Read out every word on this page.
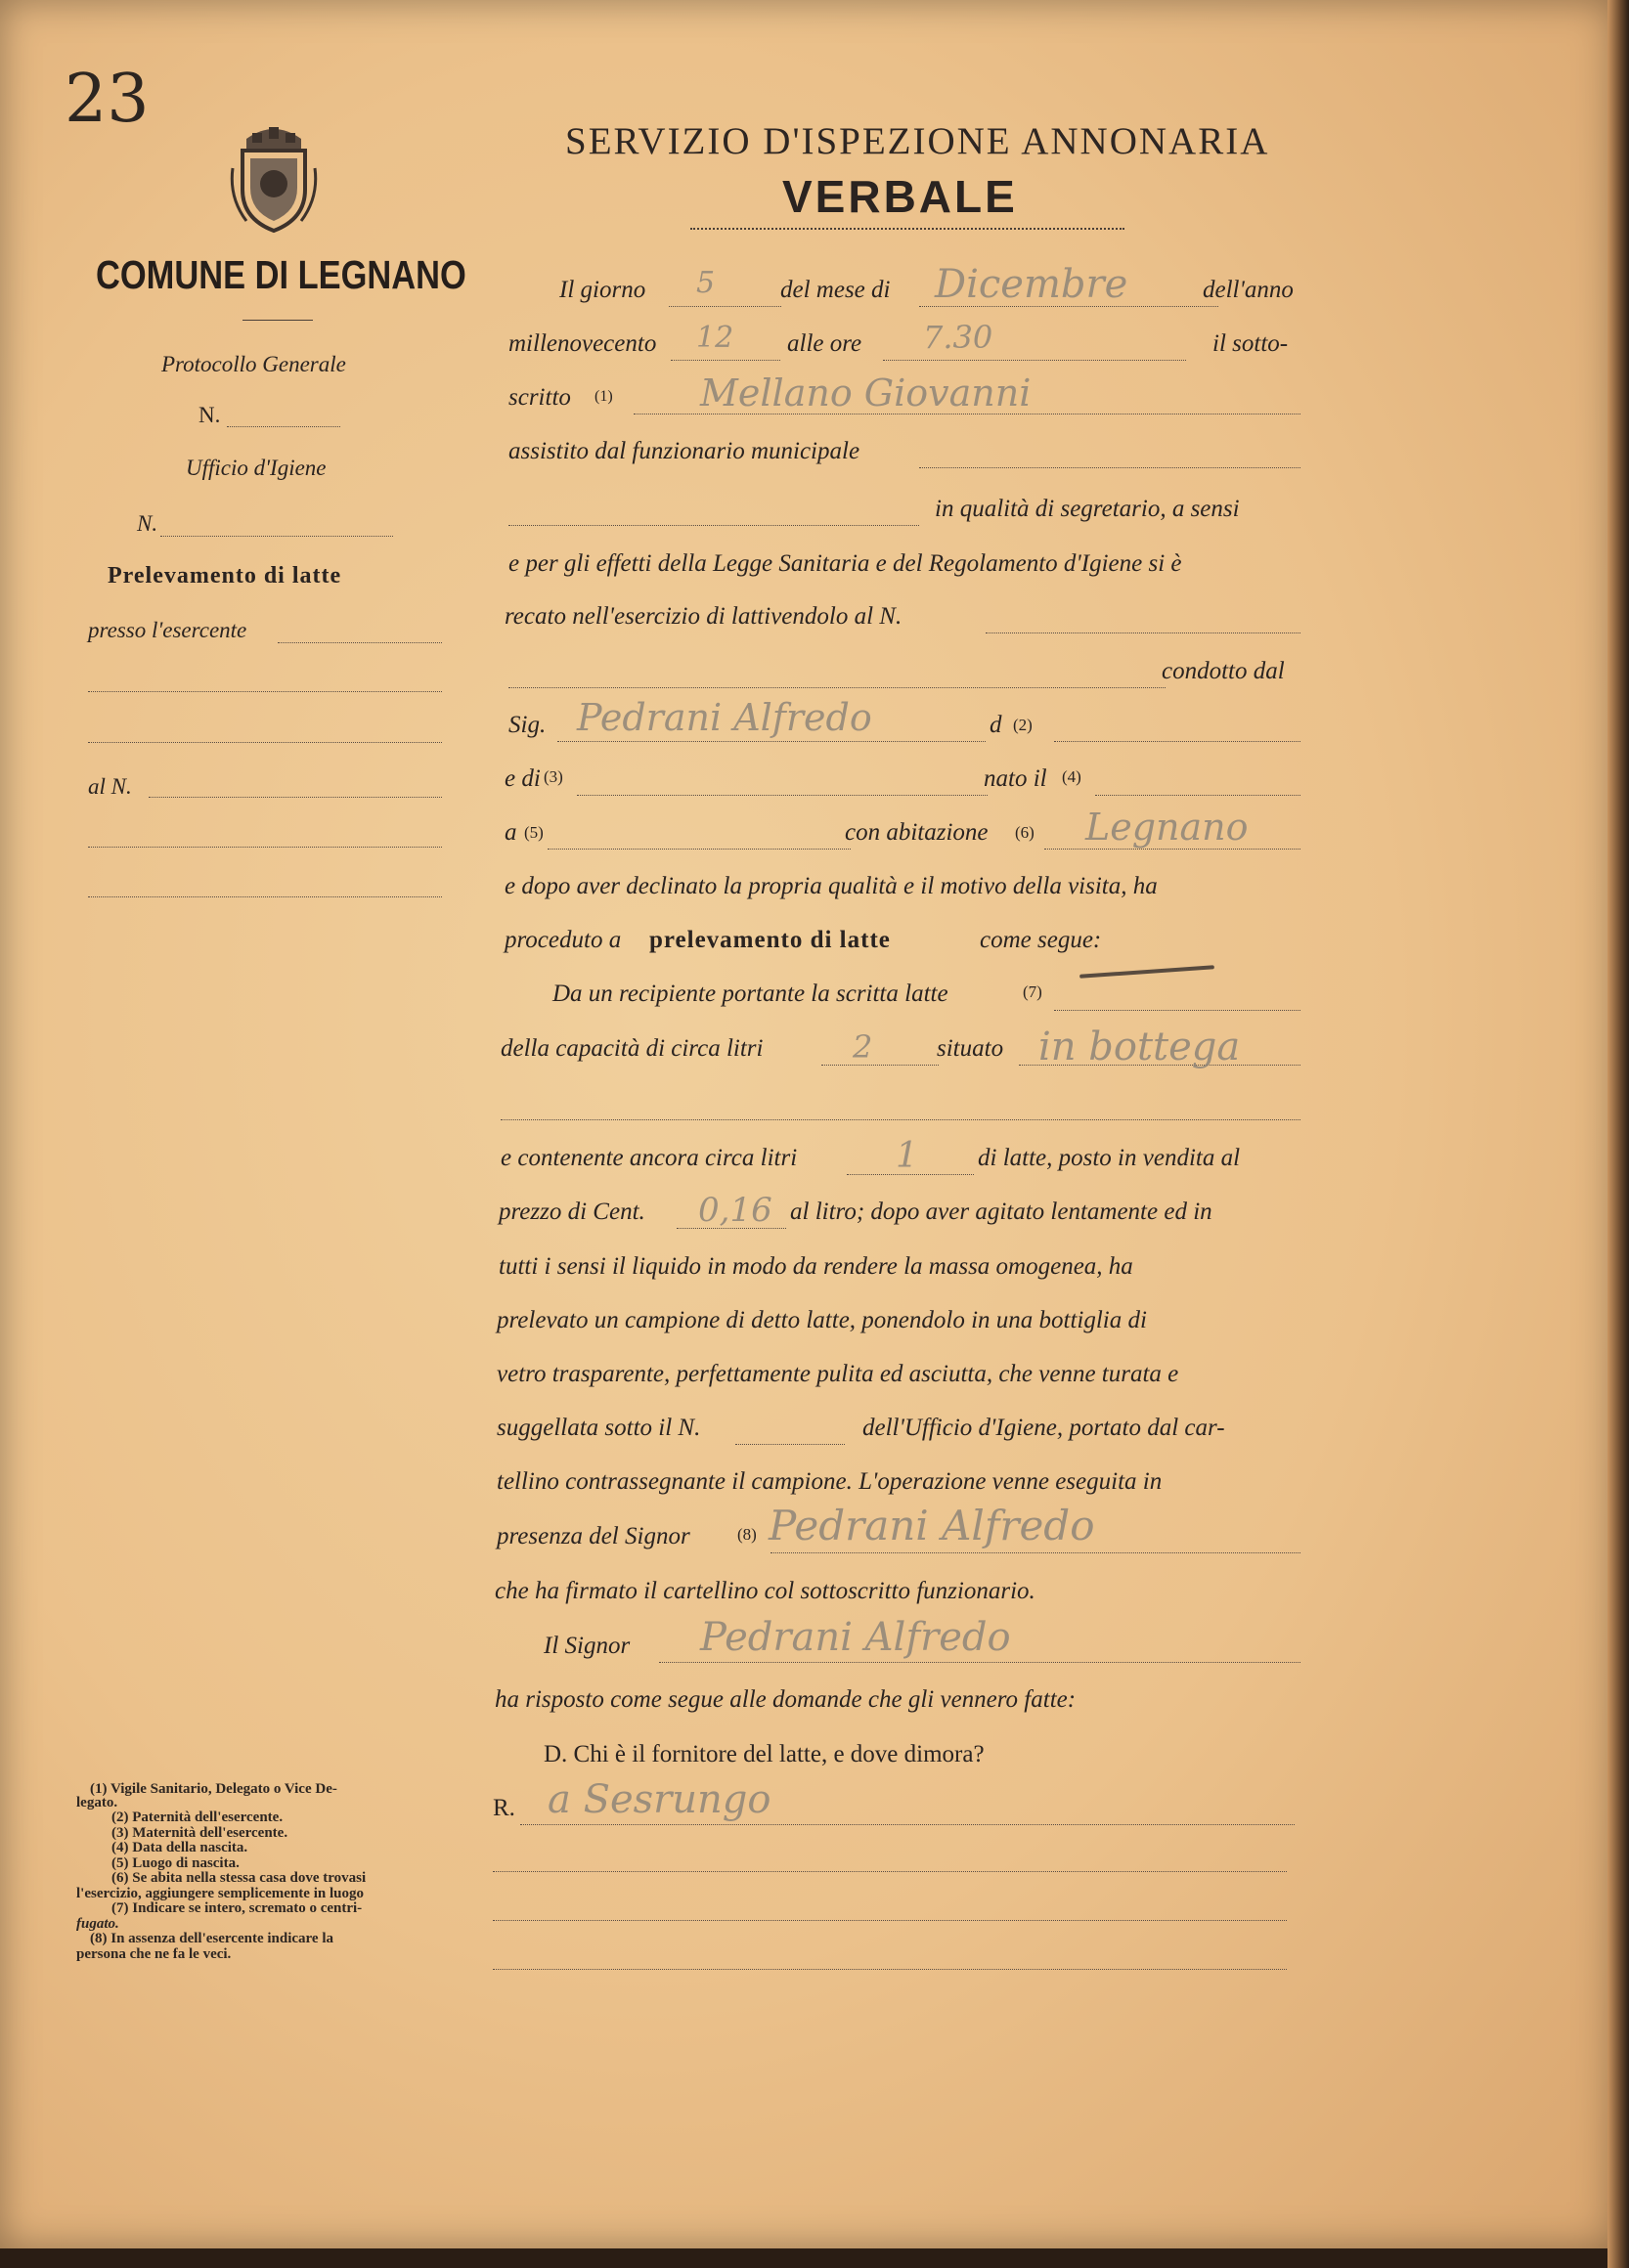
23
COMUNE DI LEGNANO
Protocollo Generale
N.
Ufficio d'Igiene
N.
Prelevamento di latte
presso l'esercente
al N.
SERVIZIO D'ISPEZIONE ANNONARIA
VERBALE
Il giorno	del mese di	dell'anno
millenovecento	alle ore	il sotto-
scritto (1)
assistito dal funzionario municipale
in qualità di segretario, a sensi
e per gli effetti della Legge Sanitaria e del Regolamento d'Igiene si è
recato nell'esercizio di lattivendolo al N.
condotto dal
Sig.	d (2)
e di (3)	nato il (4)
a (5)	con abitazione (6)
e dopo aver declinato la propria qualità e il motivo della visita, ha
proceduto a prelevamento di latte	come segue:
Da un recipiente portante la scritta latte	(7)
della capacità di circa litri	situato
e contenente ancora circa litri	di latte, posto in vendita al
prezzo di Cent.	al litro; dopo aver agitato lentamente ed in
tutti i sensi il liquido in modo da rendere la massa omogenea, ha
prelevato un campione di detto latte, ponendolo in una bottiglia di
vetro trasparente, perfettamente pulita ed asciutta, che venne turata e
suggellata sotto il N.	dell'Ufficio d'Igiene, portato dal car-
tellino contrassegnante il campione. L'operazione venne eseguita in
presenza del Signor	(8)
che ha firmato il cartellino col sottoscritto funzionario.
Il Signor
ha risposto come segue alle domande che gli vennero fatte:
D. Chi è il fornitore del latte, e dove dimora?
R.
5	Dicembre
12	7.30
Mellano Giovanni
Pedrani Alfredo
Legnano
2	in bottega
1
0,16
Pedrani Alfredo
Pedrani Alfredo
a Sesrungo
(1) Vigile Sanitario, Delegato o Vice De-
legato.
(2) Paternità dell'esercente.
(3) Maternità dell'esercente.
(4) Data della nascita.
(5) Luogo di nascita.
(6) Se abita nella stessa casa dove trovasi
l'esercizio, aggiungere semplicemente in luogo
(7) Indicare se intero, scremato o centri-
fugato.
(8) In assenza dell'esercente indicare la
persona che ne fa le veci.
